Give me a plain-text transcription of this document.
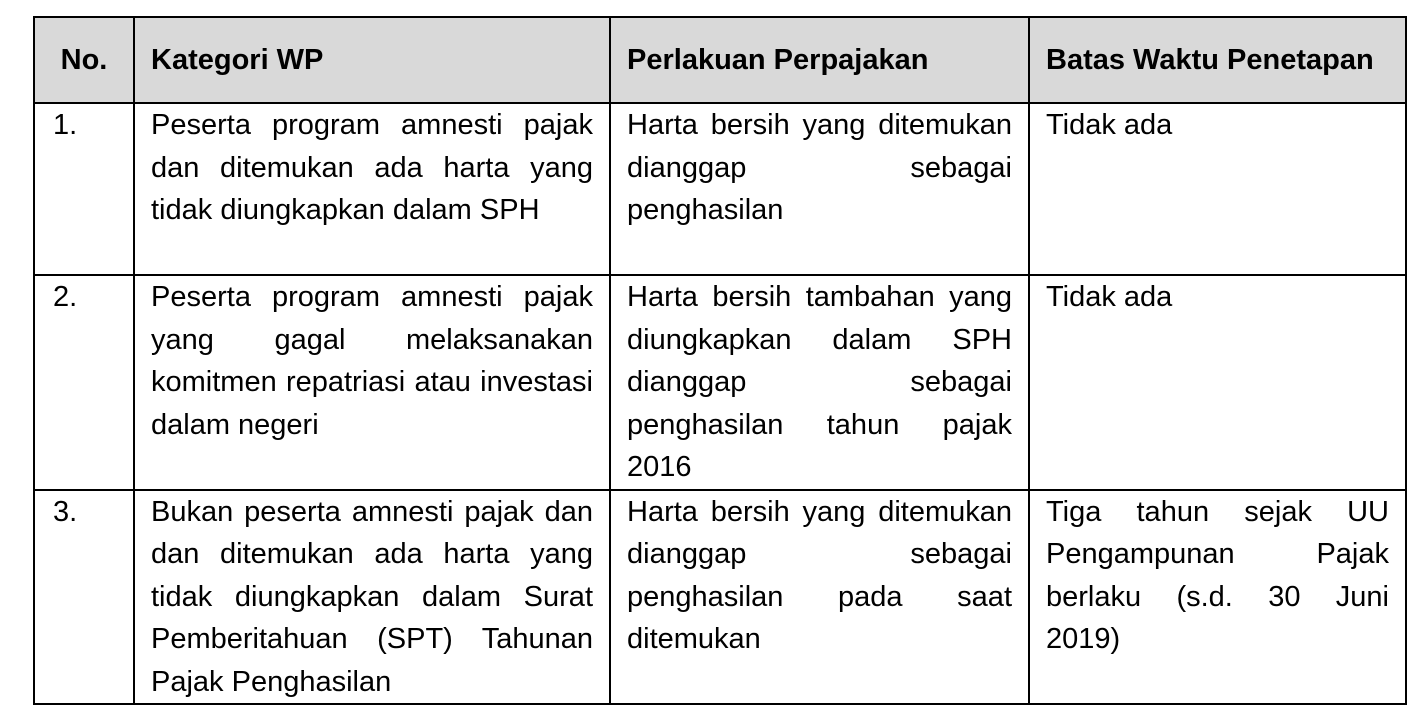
No.	Kategori WP	Perlakuan Perpajakan	Batas Waktu Penetapan
1.	Peserta program amnesti pajak dan ditemukan ada harta yang tidak diungkapkan dalam SPH	Harta bersih yang ditemukan dianggap sebagai penghasilan	Tidak ada
2.	Peserta program amnesti pajak yang gagal melaksanakan komitmen repatriasi atau investasi dalam negeri	Harta bersih tambahan yang diungkapkan dalam SPH dianggap sebagai penghasilan tahun pajak 2016	Tidak ada
3.	Bukan peserta amnesti pajak dan dan ditemukan ada harta yang tidak diungkapkan dalam Surat Pemberitahuan (SPT) Tahunan Pajak Penghasilan	Harta bersih yang ditemukan dianggap sebagai penghasilan pada saat ditemukan	Tiga tahun sejak UU Pengampunan Pajak berlaku (s.d. 30 Juni 2019)
